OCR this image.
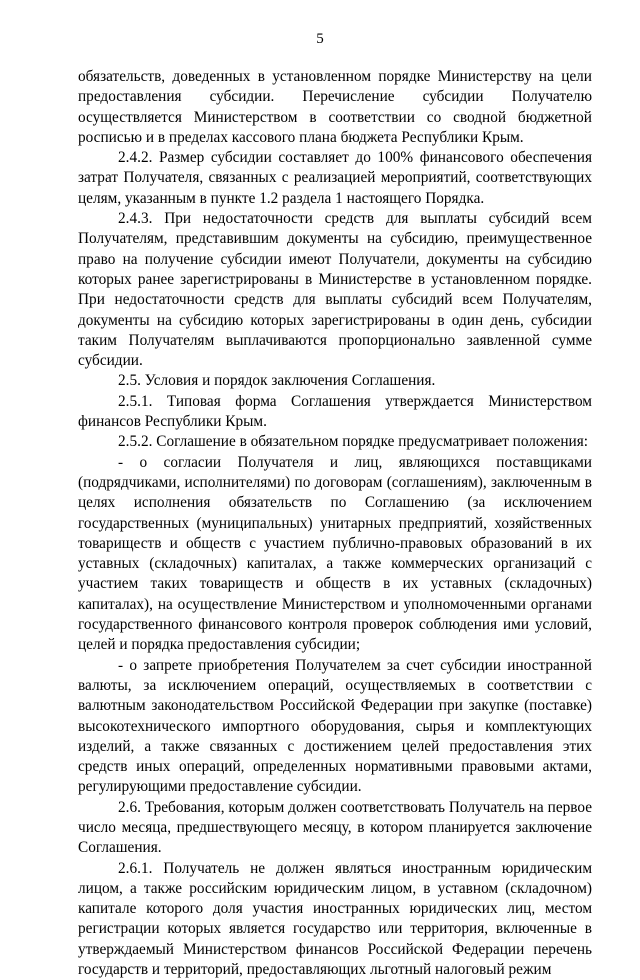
5

обязательств, доведенных в установленном порядке Министерству на цели предоставления субсидии. Перечисление субсидии Получателю осуществляется Министерством в соответствии со сводной бюджетной росписью и в пределах кассового плана бюджета Республики Крым.

2.4.2. Размер субсидии составляет до 100% финансового обеспечения затрат Получателя, связанных с реализацией мероприятий, соответствующих целям, указанным в пункте 1.2 раздела 1 настоящего Порядка.

2.4.3. При недостаточности средств для выплаты субсидий всем Получателям, представившим документы на субсидию, преимущественное право на получение субсидии имеют Получатели, документы на субсидию которых ранее зарегистрированы в Министерстве в установленном порядке. При недостаточности средств для выплаты субсидий всем Получателям, документы на субсидию которых зарегистрированы в один день, субсидии таким Получателям выплачиваются пропорционально заявленной сумме субсидии.

2.5. Условия и порядок заключения Соглашения.

2.5.1. Типовая форма Соглашения утверждается Министерством финансов Республики Крым.

2.5.2. Соглашение в обязательном порядке предусматривает положения:

- о согласии Получателя и лиц, являющихся поставщиками (подрядчиками, исполнителями) по договорам (соглашениям), заключенным в целях исполнения обязательств по Соглашению (за исключением государственных (муниципальных) унитарных предприятий, хозяйственных товариществ и обществ с участием публично-правовых образований в их уставных (складочных) капиталах, а также коммерческих организаций с участием таких товариществ и обществ в их уставных (складочных) капиталах), на осуществление Министерством и уполномоченными органами государственного финансового контроля проверок соблюдения ими условий, целей и порядка предоставления субсидии;

- о запрете приобретения Получателем за счет субсидии иностранной валюты, за исключением операций, осуществляемых в соответствии с валютным законодательством Российской Федерации при закупке (поставке) высокотехнического импортного оборудования, сырья и комплектующих изделий, а также связанных с достижением целей предоставления этих средств иных операций, определенных нормативными правовыми актами, регулирующими предоставление субсидии.

2.6. Требования, которым должен соответствовать Получатель на первое число месяца, предшествующего месяцу, в котором планируется заключение Соглашения.

2.6.1. Получатель не должен являться иностранным юридическим лицом, а также российским юридическим лицом, в уставном (складочном) капитале которого доля участия иностранных юридических лиц, местом регистрации которых является государство или территория, включенные в утверждаемый Министерством финансов Российской Федерации перечень государств и территорий, предоставляющих льготный налоговый режим
